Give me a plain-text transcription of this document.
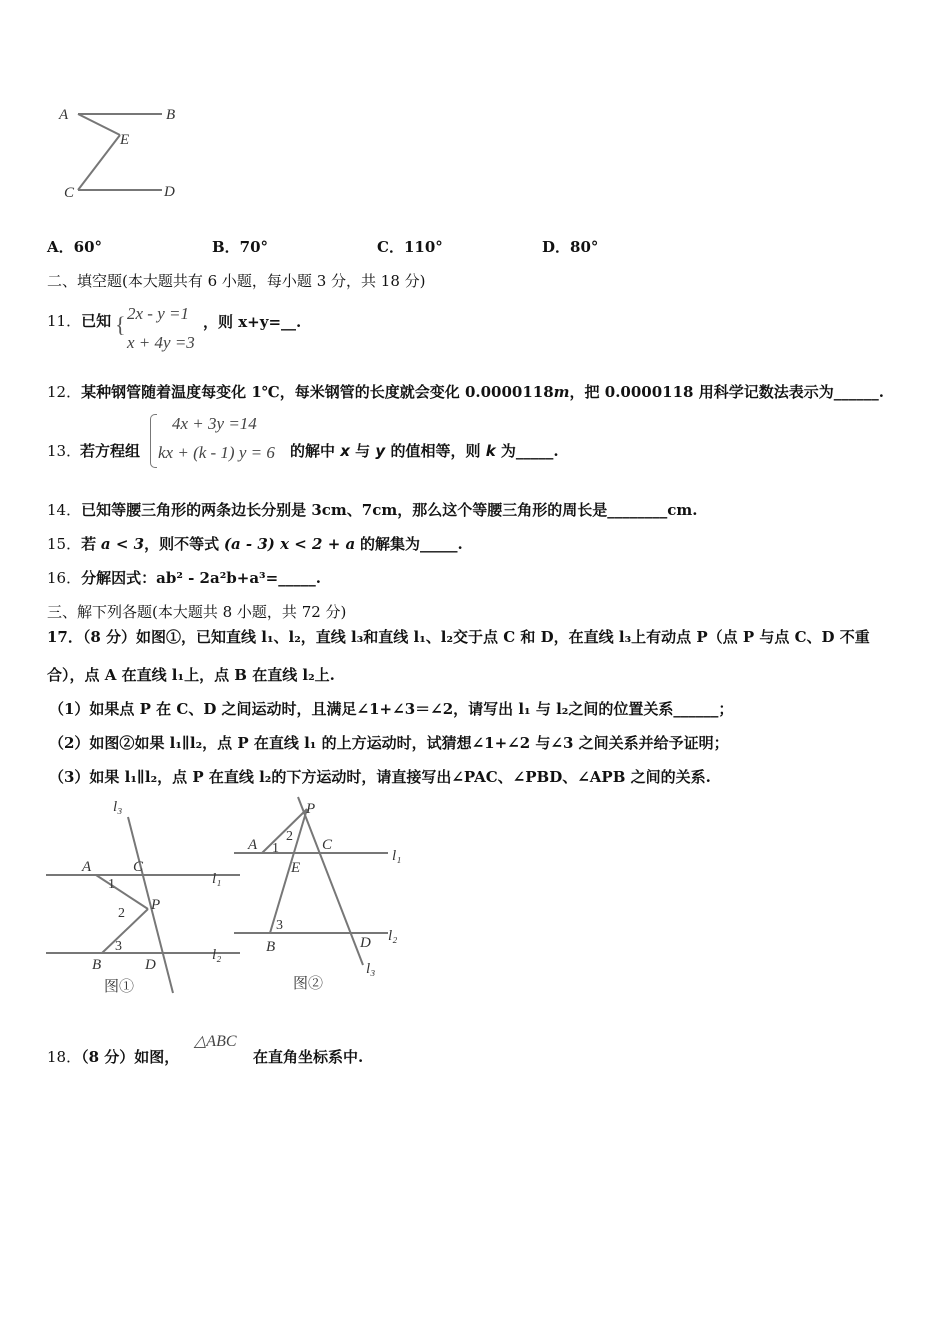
A	B
E
C	D
A．60°	B．70°	C．110°	D．80°
二、填空题(本大题共有 6 小题，每小题 3 分，共 18 分)
11．已知 { 2x - y =1
x + 4y =3
，则 x+y=__.
12．某种钢管随着温度每变化 1℃，每米钢管的长度就会变化 0.0000118m，把 0.0000118 用科学记数法表示为______.
13．
若方程组
4x + 3y =14
kx + (k - 1) y = 6 的解中 x 与 y 的值相等，则 k 为_____.
14．已知等腰三角形的两条边长分别是 3cm、7cm，那么这个等腰三角形的周长是________cm.
15．若 a < 3，则不等式 (a - 3) x < 2 + a 的解集为_____.
16．分解因式：ab² - 2a²b+a³=_____.
三、解下列各题(本大题共 8 小题，共 72 分)
17．（8 分）如图①，已知直线 l₁、l₂，直线 l₃和直线 l₁、l₂交于点 C 和 D，在直线 l₃上有动点 P（点 P 与点 C、D 不重
合），点 A 在直线 l₁上，点 B 在直线 l₂上.
（1）如果点 P 在 C、D 之间运动时，且满足∠1+∠3＝∠2，请写出 l₁ 与 l₂之间的位置关系______；
（2）如图②如果 l₁∥l₂，点 P 在直线 l₁ 的上方运动时，试猜想∠1+∠2 与∠3 之间关系并给予证明；
（3）如果 l₁∥l₂，点 P 在直线 l₂的下方运动时，请直接写出∠PAC、∠PBD、∠APB 之间的关系.
l₃
A	C
l₁
1
2
P
3
l₂
B	D
图①
P
2
A 1	C
l₁
E
3
l₂
B	D
l₃
图②
18．（8 分）如图，
△ABC
在直角坐标系中.
